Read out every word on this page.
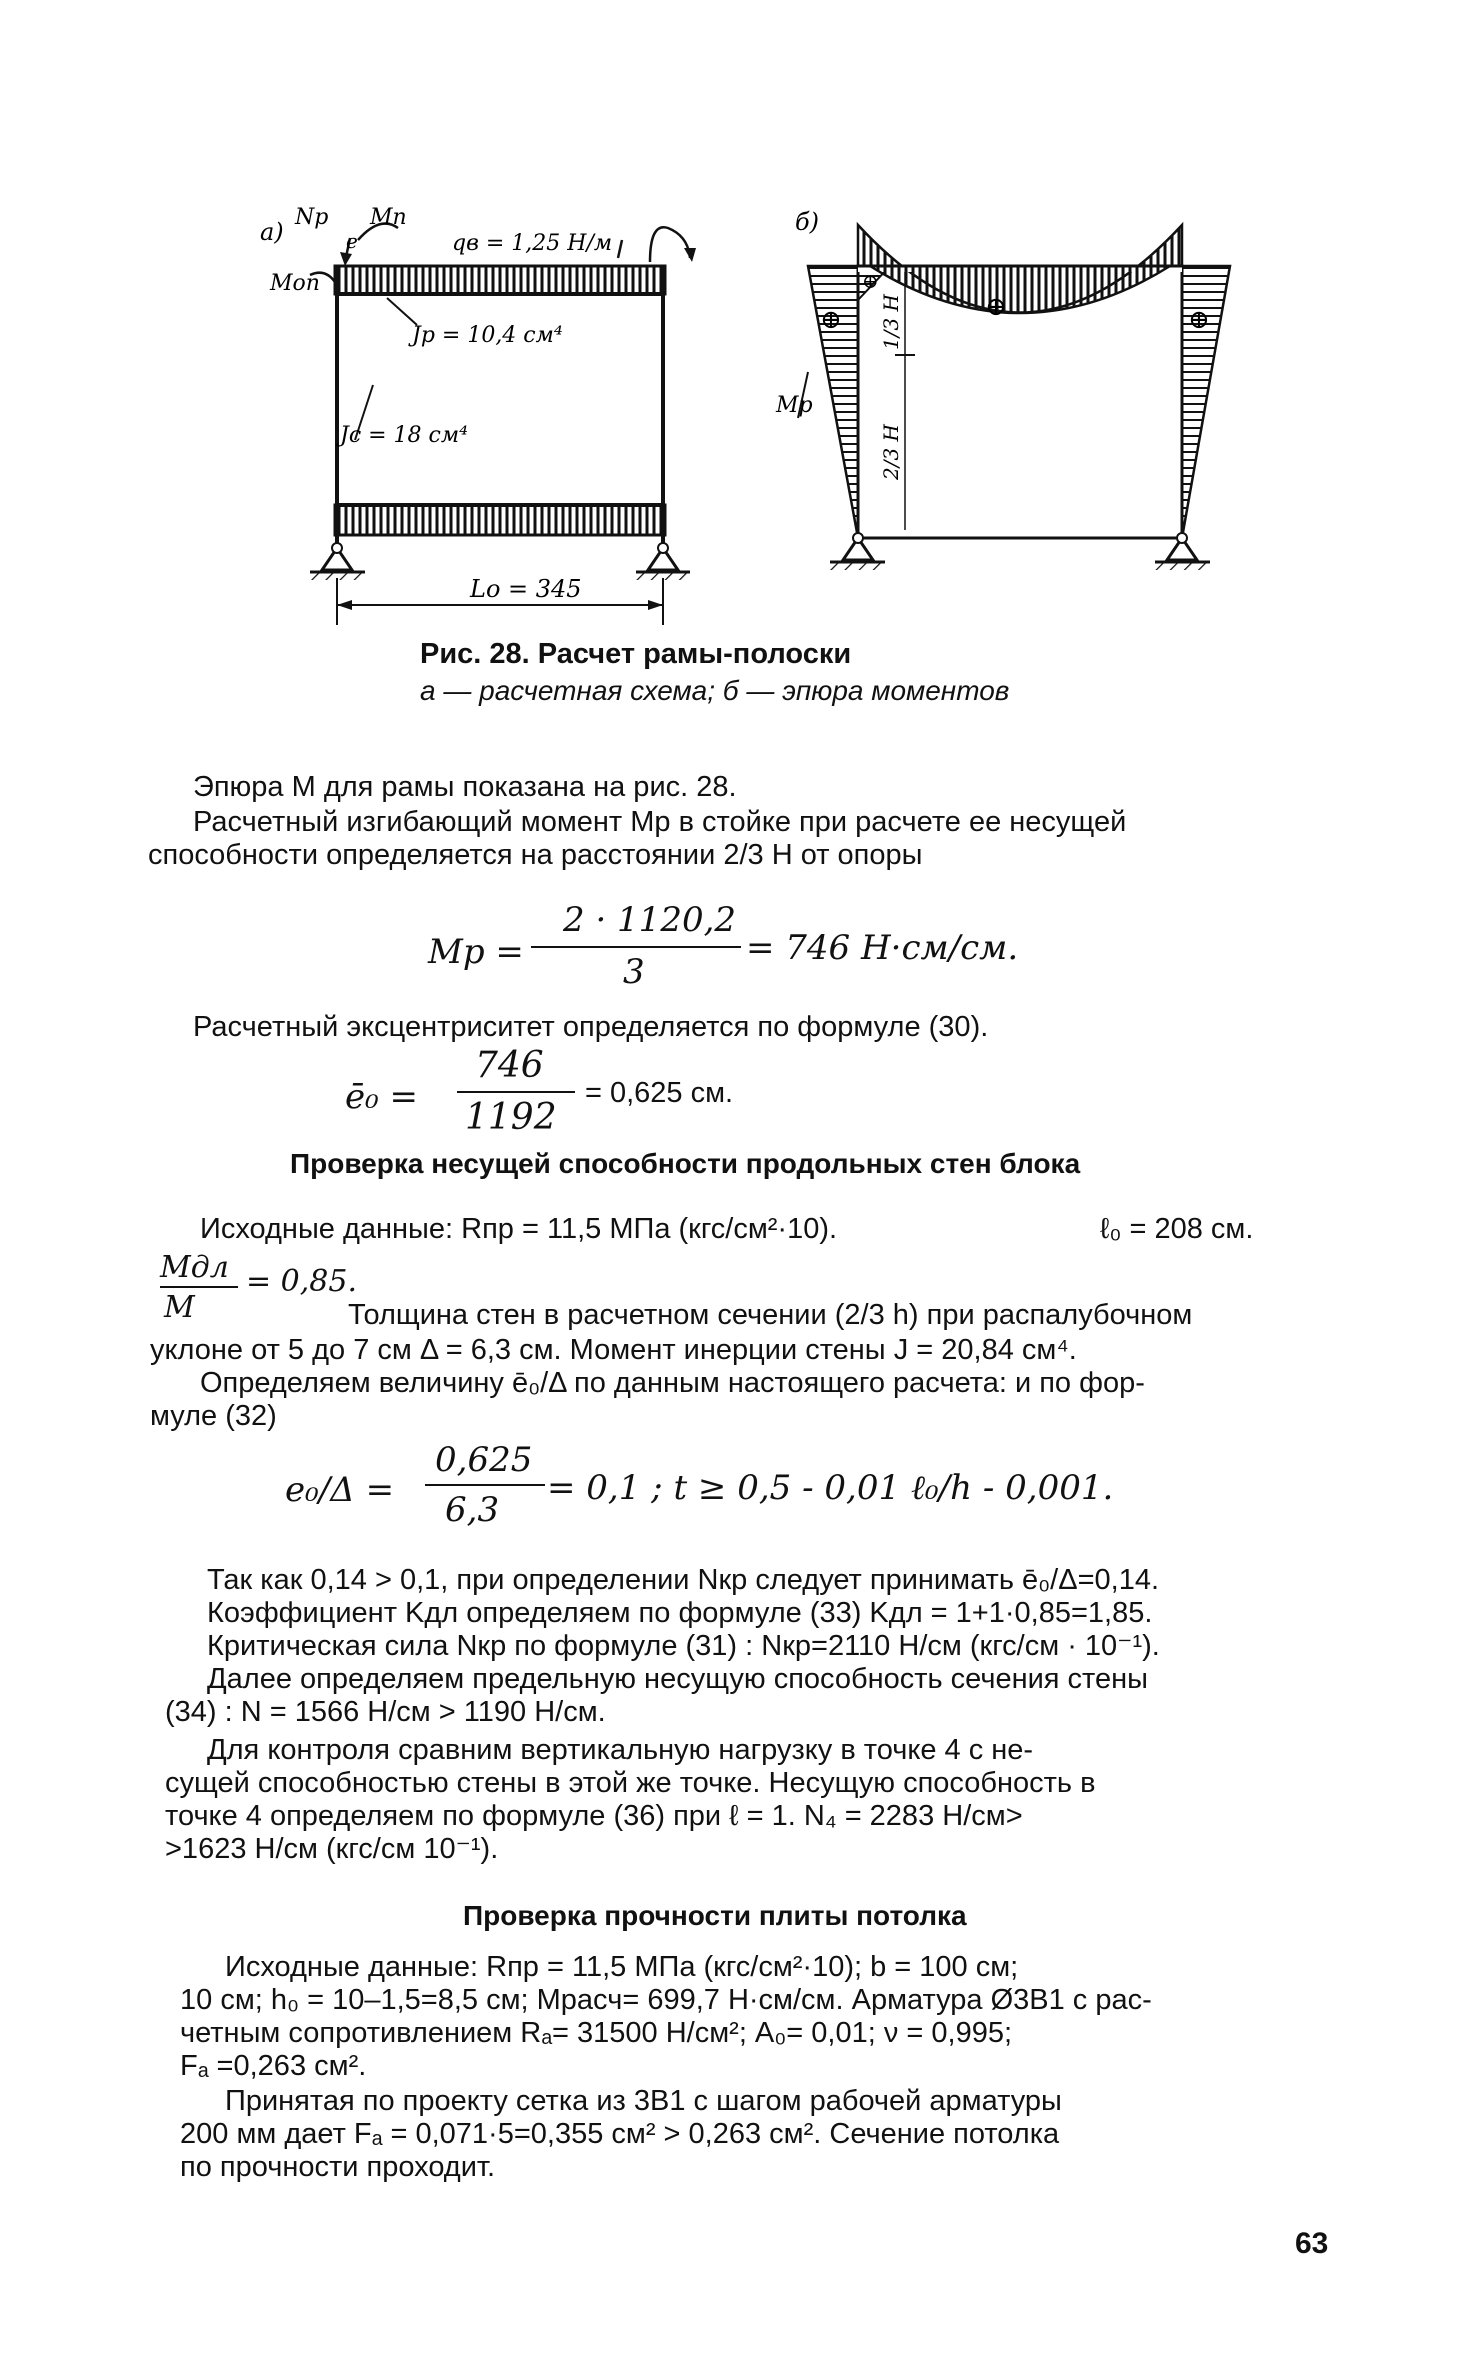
а)
Nр Mп
е
Mоп
qв = 1,25 Н/м
Jр = 10,4 см⁴
Jс = 18 см⁴
Lо = 345
⊕	⊕	⊕
⊕
б)
1/3 H
2/3 H
Mр
Рис. 28. Расчет рамы-полоски
а — расчетная схема; б — эпюра моментов
Эпюра M для рамы показана на рис. 28.
Расчетный изгибающий момент Mр в стойке при расчете ее несущей
способности определяется на расстоянии 2/3 H от опоры
Mр =
2 · 1120,2
3
= 746 Н·см/см.
Расчетный эксцентриситет определяется по формуле (30).
ē₀ =
746
1192
= 0,625 см.
Проверка несущей способности продольных стен блока
Исходные данные: Rпр = 11,5 МПа (кгс/см²·10).	ℓ₀ = 208 см.
Mдл
M
= 0,85.
Толщина стен в расчетном сечении (2/3 h) при распалубочном
уклоне от 5 до 7 см Δ = 6,3 см. Момент инерции стены J = 20,84 см⁴.
Определяем величину ē₀/Δ по данным настоящего расчета: и по фор-
муле (32)
e₀/Δ =
0,625
6,3
= 0,1 ; t ≥ 0,5 - 0,01 ℓ₀/h - 0,001.
Так как 0,14 > 0,1, при определении Nкр следует принимать ē₀/Δ=0,14.
Коэффициент Kдл определяем по формуле (33) Kдл = 1+1·0,85=1,85.
Критическая сила Nкр по формуле (31) : Nкр=2110 Н/см (кгс/см · 10⁻¹).
Далее определяем предельную несущую способность сечения стены
(34) : N = 1566 Н/см > 1190 Н/см.
Для контроля сравним вертикальную нагрузку в точке 4 с не-
сущей способностью стены в этой же точке. Несущую способность в
точке 4 определяем по формуле (36) при ℓ = 1. N₄ = 2283 Н/см>
>1623 Н/см (кгс/см 10⁻¹).
Проверка прочности плиты потолка
Исходные данные: Rпр = 11,5 МПа (кгс/см²·10); b = 100 см;
10 см; h₀ = 10–1,5=8,5 см; Mрасч= 699,7 Н·см/см. Арматура Ø3В1 с рас-
четным сопротивлением Rₐ= 31500 Н/см²; A₀= 0,01; ν = 0,995;
Fₐ =0,263 см².
Принятая по проекту сетка из 3В1 с шагом рабочей арматуры
200 мм дает Fₐ = 0,071·5=0,355 см² > 0,263 см². Сечение потолка
по прочности проходит.
63
